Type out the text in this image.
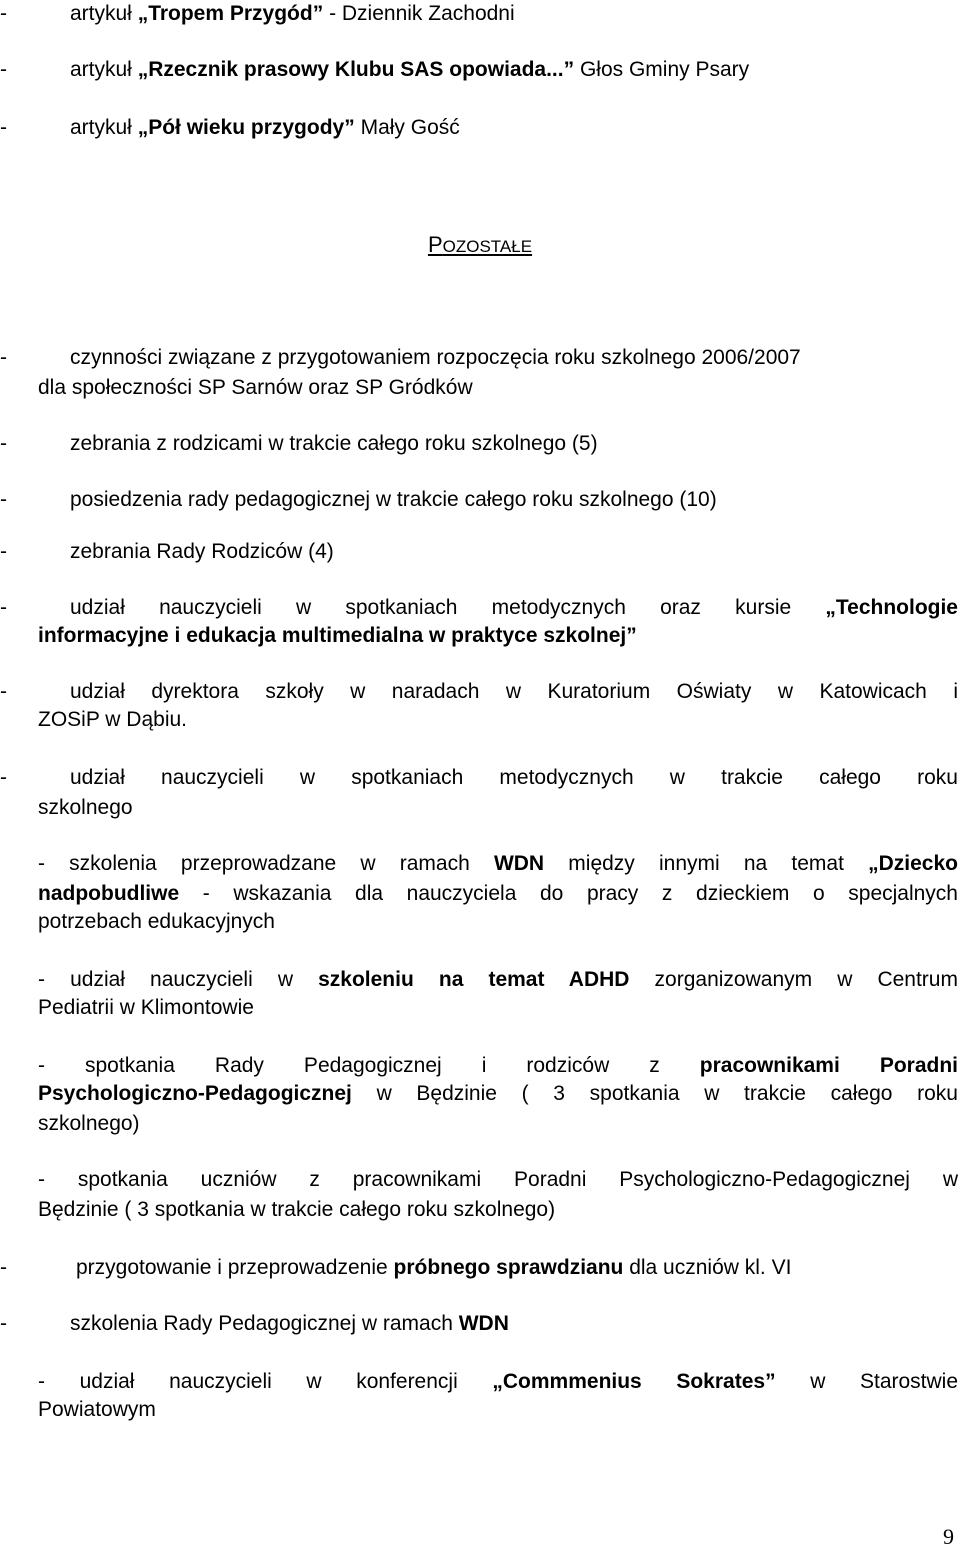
-	artykuł „Tropem Przygód” - Dziennik Zachodni
-	artykuł „Rzecznik prasowy Klubu SAS opowiada...” Głos Gminy Psary
-	artykuł „Pół wieku przygody” Mały Gość
POZOSTAŁE
-	czynności związane z przygotowaniem rozpoczęcia roku szkolnego 2006/2007
dla społeczności SP Sarnów oraz SP Gródków
-	zebrania z rodzicami w trakcie całego roku szkolnego (5)
-	posiedzenia rady pedagogicznej w trakcie całego roku szkolnego (10)
-	zebrania Rady Rodziców (4)
-	udział nauczycieli w spotkaniach metodycznych oraz kursie „Technologie
informacyjne i edukacja multimedialna w praktyce szkolnej”
-	udział dyrektora szkoły w naradach w Kuratorium Oświaty w Katowicach i
ZOSiP w Dąbiu.
-	udział nauczycieli w spotkaniach metodycznych w trakcie całego roku
szkolnego
- szkolenia przeprowadzane w ramach WDN między innymi na temat „Dziecko
nadpobudliwe - wskazania dla nauczyciela do pracy z dzieckiem o specjalnych
potrzebach edukacyjnych
- udział nauczycieli w szkoleniu na temat ADHD zorganizowanym w Centrum
Pediatrii w Klimontowie
- spotkania Rady Pedagogicznej i rodziców z pracownikami Poradni
Psychologiczno-Pedagogicznej w Będzinie ( 3 spotkania w trakcie całego roku
szkolnego)
- spotkania uczniów z pracownikami Poradni Psychologiczno-Pedagogicznej w
Będzinie ( 3 spotkania w trakcie całego roku szkolnego)
-	przygotowanie i przeprowadzenie próbnego sprawdzianu dla uczniów kl. VI
-	szkolenia Rady Pedagogicznej w ramach WDN
- udział nauczycieli w konferencji „Commmenius Sokrates” w Starostwie
Powiatowym
9
